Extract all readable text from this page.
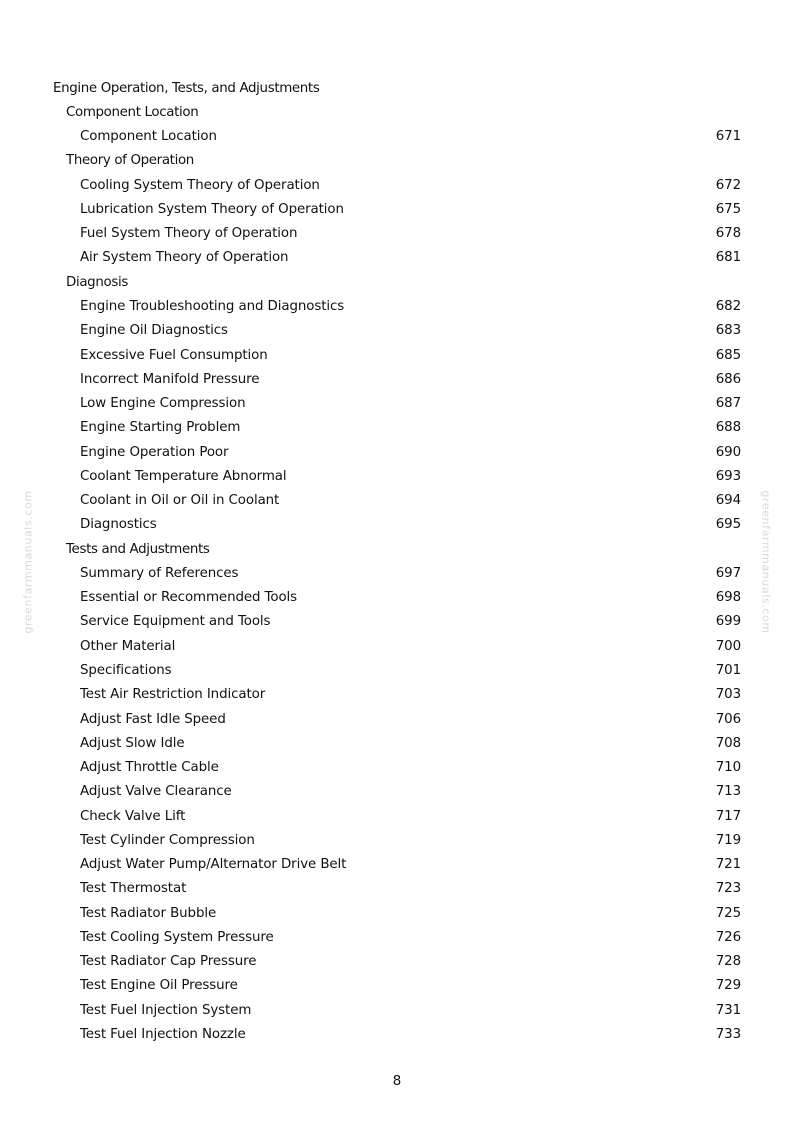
greenfarmmanuals.com	greenfarmmanuals.com
Engine Operation, Tests, and Adjustments
Component Location
Component Location	671
Theory of Operation
Cooling System Theory of Operation	672
Lubrication System Theory of Operation	675
Fuel System Theory of Operation	678
Air System Theory of Operation	681
Diagnosis
Engine Troubleshooting and Diagnostics	682
Engine Oil Diagnostics	683
Excessive Fuel Consumption	685
Incorrect Manifold Pressure	686
Low Engine Compression	687
Engine Starting Problem	688
Engine Operation Poor	690
Coolant Temperature Abnormal	693
Coolant in Oil or Oil in Coolant	694
Diagnostics	695
Tests and Adjustments
Summary of References	697
Essential or Recommended Tools	698
Service Equipment and Tools	699
Other Material	700
Specifications	701
Test Air Restriction Indicator	703
Adjust Fast Idle Speed	706
Adjust Slow Idle	708
Adjust Throttle Cable	710
Adjust Valve Clearance	713
Check Valve Lift	717
Test Cylinder Compression	719
Adjust Water Pump/Alternator Drive Belt	721
Test Thermostat	723
Test Radiator Bubble	725
Test Cooling System Pressure	726
Test Radiator Cap Pressure	728
Test Engine Oil Pressure	729
Test Fuel Injection System	731
Test Fuel Injection Nozzle	733
8
